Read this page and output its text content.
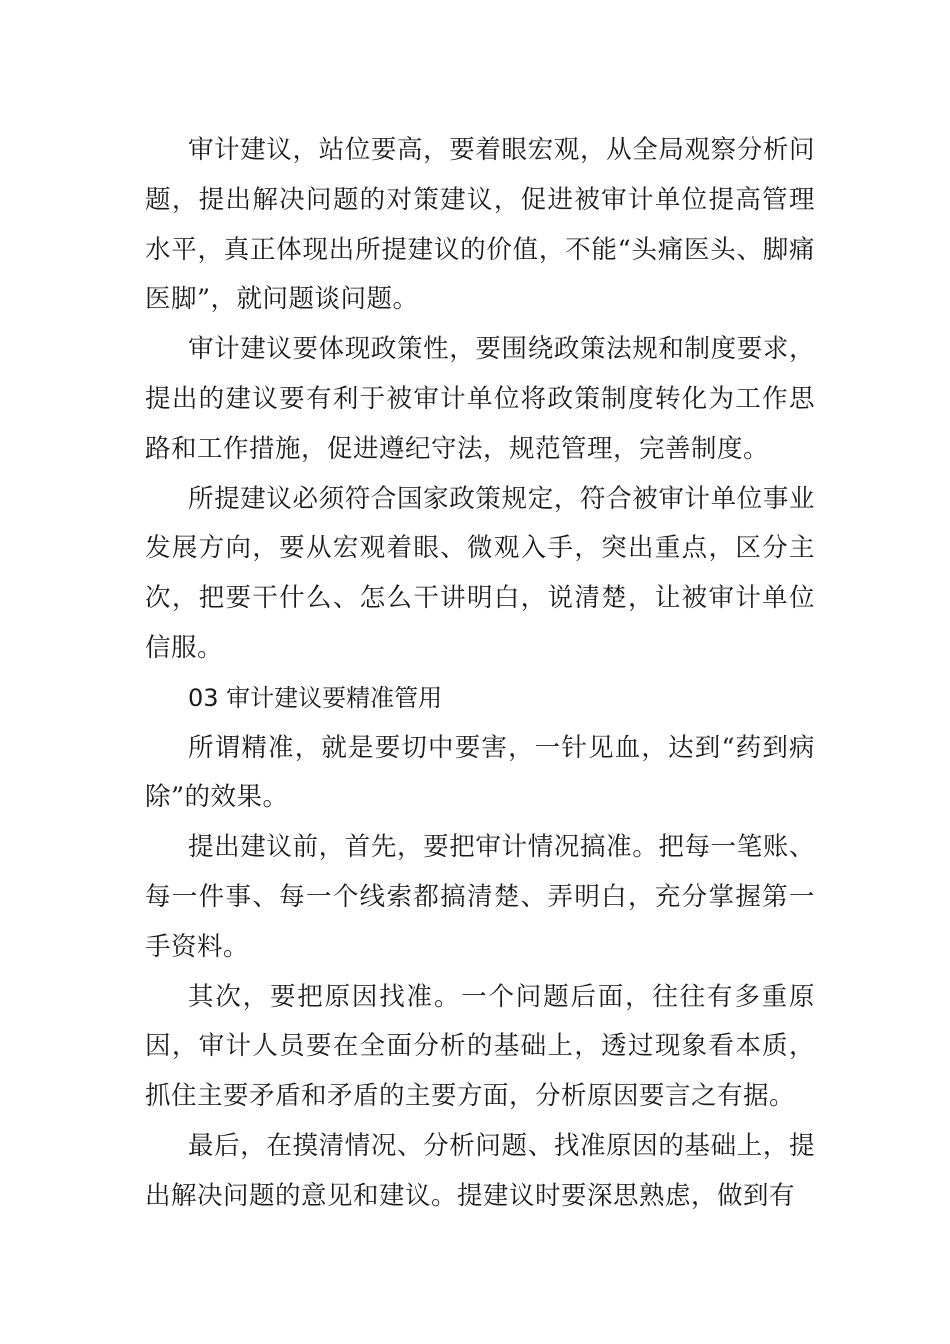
审计建议，站位要高，要着眼宏观，从全局观察分析问题，提出解决问题的对策建议，促进被审计单位提高管理水平，真正体现出所提建议的价值，不能“头痛医头、脚痛医脚”，就问题谈问题。

审计建议要体现政策性，要围绕政策法规和制度要求，提出的建议要有利于被审计单位将政策制度转化为工作思路和工作措施，促进遵纪守法，规范管理，完善制度。

所提建议必须符合国家政策规定，符合被审计单位事业发展方向，要从宏观着眼、微观入手，突出重点，区分主次，把要干什么、怎么干讲明白，说清楚，让被审计单位信服。

03 审计建议要精准管用

所谓精准，就是要切中要害，一针见血，达到“药到病除”的效果。

提出建议前，首先，要把审计情况搞准。把每一笔账、每一件事、每一个线索都搞清楚、弄明白，充分掌握第一手资料。

其次，要把原因找准。一个问题后面，往往有多重原因，审计人员要在全面分析的基础上，透过现象看本质，抓住主要矛盾和矛盾的主要方面，分析原因要言之有据。

最后，在摸清情况、分析问题、找准原因的基础上，提出解决问题的意见和建议。提建议时要深思熟虑，做到有
